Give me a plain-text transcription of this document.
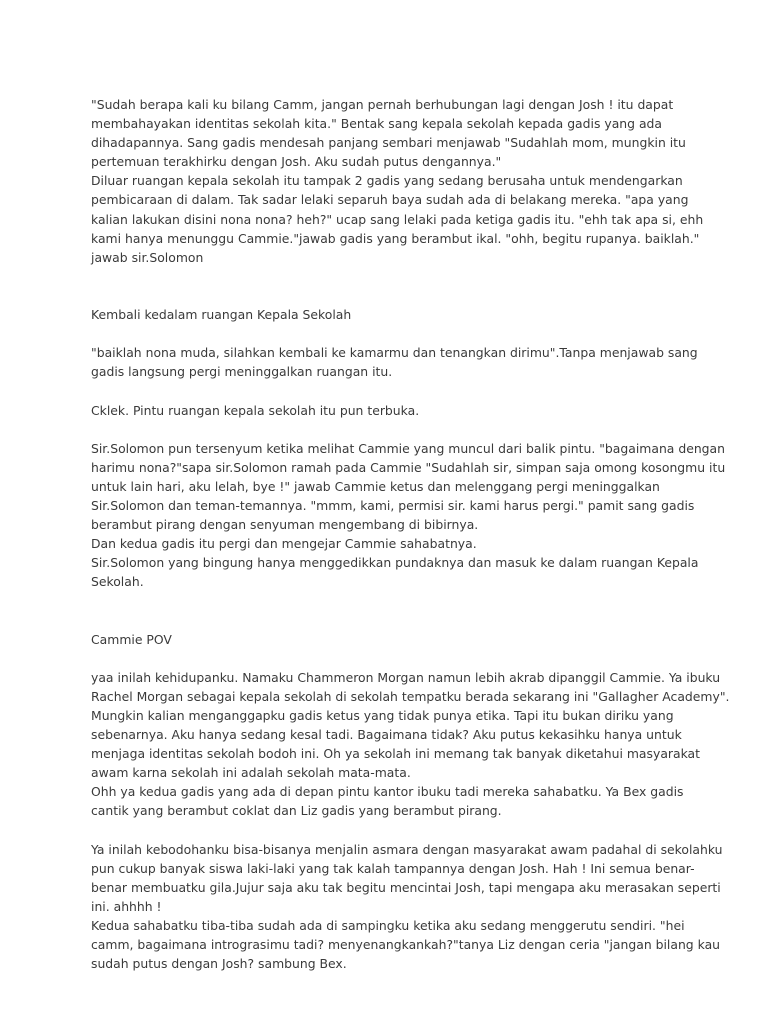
"Sudah berapa kali ku bilang Camm, jangan pernah berhubungan lagi dengan Josh ! itu dapat
membahayakan identitas sekolah kita." Bentak sang kepala sekolah kepada gadis yang ada
dihadapannya. Sang gadis mendesah panjang sembari menjawab "Sudahlah mom, mungkin itu
pertemuan terakhirku dengan Josh. Aku sudah putus dengannya."
Diluar ruangan kepala sekolah itu tampak 2 gadis yang sedang berusaha untuk mendengarkan
pembicaraan di dalam. Tak sadar lelaki separuh baya sudah ada di belakang mereka. "apa yang
kalian lakukan disini nona nona? heh?" ucap sang lelaki pada ketiga gadis itu. "ehh tak apa si, ehh
kami hanya menunggu Cammie."jawab gadis yang berambut ikal. "ohh, begitu rupanya. baiklah."
jawab sir.Solomon
Kembali kedalam ruangan Kepala Sekolah
"baiklah nona muda, silahkan kembali ke kamarmu dan tenangkan dirimu".Tanpa menjawab sang
gadis langsung pergi meninggalkan ruangan itu.
Cklek. Pintu ruangan kepala sekolah itu pun terbuka.
Sir.Solomon pun tersenyum ketika melihat Cammie yang muncul dari balik pintu. "bagaimana dengan
harimu nona?"sapa sir.Solomon ramah pada Cammie "Sudahlah sir, simpan saja omong kosongmu itu
untuk lain hari, aku lelah, bye !" jawab Cammie ketus dan melenggang pergi meninggalkan
Sir.Solomon dan teman-temannya. "mmm, kami, permisi sir. kami harus pergi." pamit sang gadis
berambut pirang dengan senyuman mengembang di bibirnya.
Dan kedua gadis itu pergi dan mengejar Cammie sahabatnya.
Sir.Solomon yang bingung hanya menggedikkan pundaknya dan masuk ke dalam ruangan Kepala
Sekolah.
Cammie POV
yaa inilah kehidupanku. Namaku Chammeron Morgan namun lebih akrab dipanggil Cammie. Ya ibuku
Rachel Morgan sebagai kepala sekolah di sekolah tempatku berada sekarang ini "Gallagher Academy".
Mungkin kalian menganggapku gadis ketus yang tidak punya etika. Tapi itu bukan diriku yang
sebenarnya. Aku hanya sedang kesal tadi. Bagaimana tidak? Aku putus kekasihku hanya untuk
menjaga identitas sekolah bodoh ini. Oh ya sekolah ini memang tak banyak diketahui masyarakat
awam karna sekolah ini adalah sekolah mata-mata.
Ohh ya kedua gadis yang ada di depan pintu kantor ibuku tadi mereka sahabatku. Ya Bex gadis
cantik yang berambut coklat dan Liz gadis yang berambut pirang.
Ya inilah kebodohanku bisa-bisanya menjalin asmara dengan masyarakat awam padahal di sekolahku
pun cukup banyak siswa laki-laki yang tak kalah tampannya dengan Josh. Hah ! Ini semua benar-
benar membuatku gila.Jujur saja aku tak begitu mencintai Josh, tapi mengapa aku merasakan seperti
ini. ahhhh !
Kedua sahabatku tiba-tiba sudah ada di sampingku ketika aku sedang menggerutu sendiri. "hei
camm, bagaimana intrograsimu tadi? menyenangkankah?"tanya Liz dengan ceria "jangan bilang kau
sudah putus dengan Josh? sambung Bex.
